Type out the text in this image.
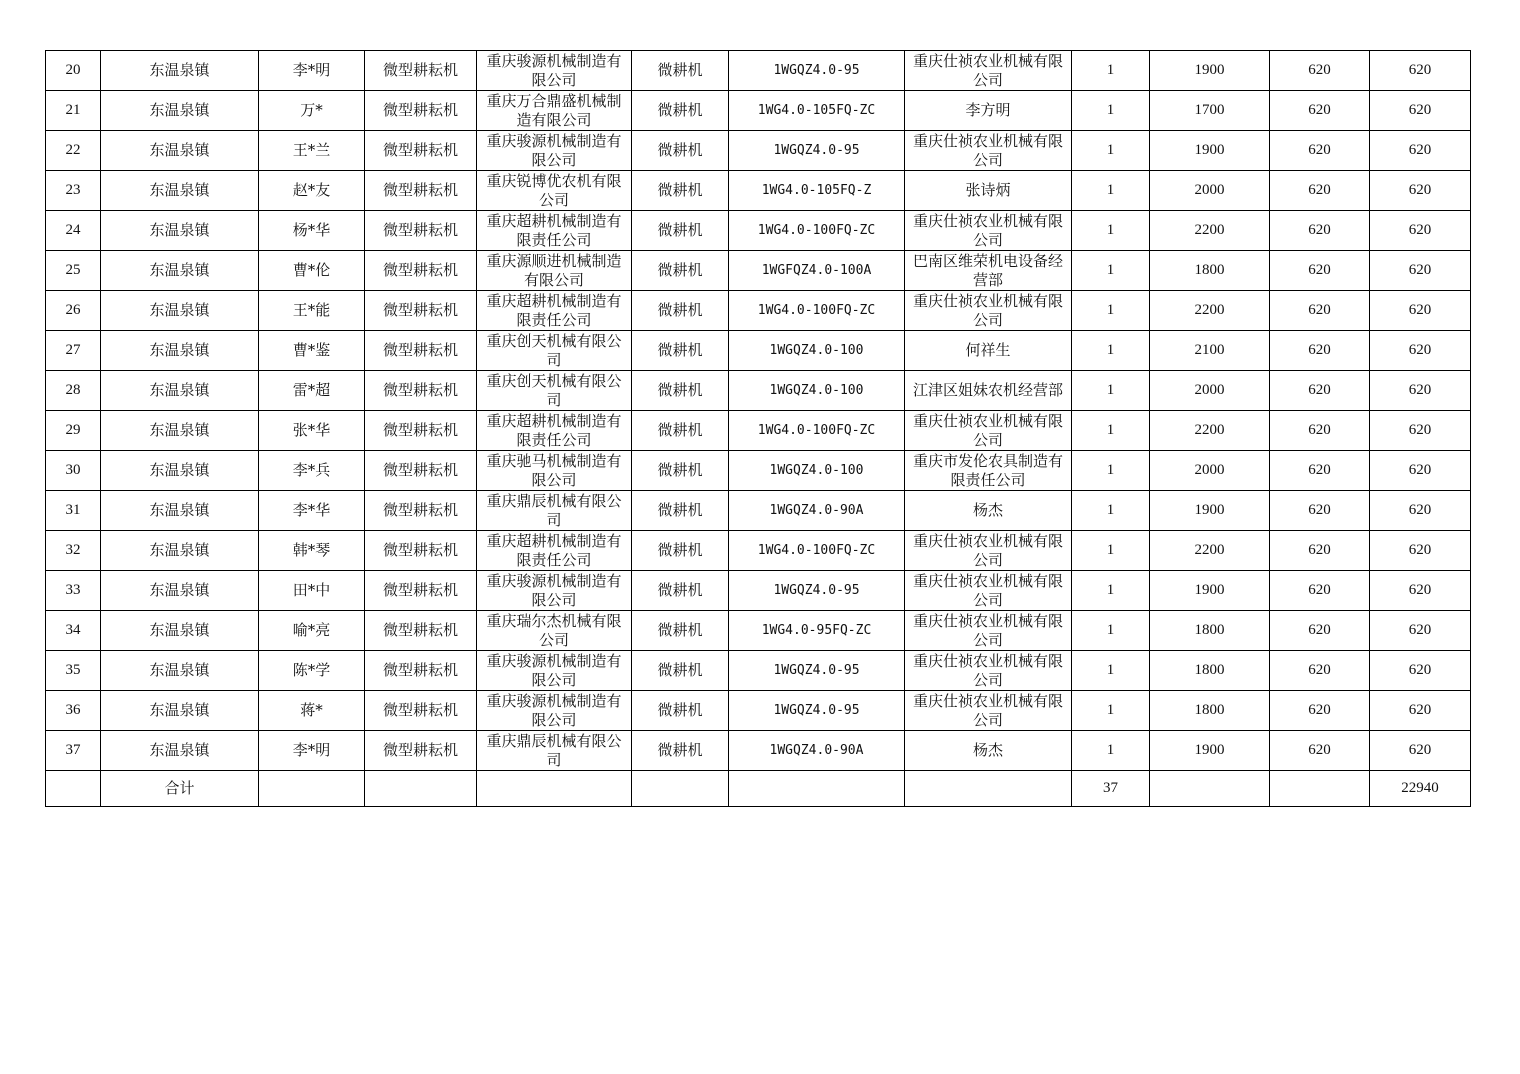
20	东温泉镇	李*明	微型耕耘机	重庆骏源机械制造有限公司	微耕机	1WGQZ4.0-95	重庆仕祯农业机械有限公司	1	1900	620	620
21	东温泉镇	万*	微型耕耘机	重庆万合鼎盛机械制造有限公司	微耕机	1WG4.0-105FQ-ZC	李方明	1	1700	620	620
22	东温泉镇	王*兰	微型耕耘机	重庆骏源机械制造有限公司	微耕机	1WGQZ4.0-95	重庆仕祯农业机械有限公司	1	1900	620	620
23	东温泉镇	赵*友	微型耕耘机	重庆锐博优农机有限公司	微耕机	1WG4.0-105FQ-Z	张诗炳	1	2000	620	620
24	东温泉镇	杨*华	微型耕耘机	重庆超耕机械制造有限责任公司	微耕机	1WG4.0-100FQ-ZC	重庆仕祯农业机械有限公司	1	2200	620	620
25	东温泉镇	曹*伦	微型耕耘机	重庆源顺进机械制造有限公司	微耕机	1WGFQZ4.0-100A	巴南区维荣机电设备经营部	1	1800	620	620
26	东温泉镇	王*能	微型耕耘机	重庆超耕机械制造有限责任公司	微耕机	1WG4.0-100FQ-ZC	重庆仕祯农业机械有限公司	1	2200	620	620
27	东温泉镇	曹*鉴	微型耕耘机	重庆创天机械有限公司	微耕机	1WGQZ4.0-100	何祥生	1	2100	620	620
28	东温泉镇	雷*超	微型耕耘机	重庆创天机械有限公司	微耕机	1WGQZ4.0-100	江津区姐妹农机经营部	1	2000	620	620
29	东温泉镇	张*华	微型耕耘机	重庆超耕机械制造有限责任公司	微耕机	1WG4.0-100FQ-ZC	重庆仕祯农业机械有限公司	1	2200	620	620
30	东温泉镇	李*兵	微型耕耘机	重庆驰马机械制造有限公司	微耕机	1WGQZ4.0-100	重庆市发伦农具制造有限责任公司	1	2000	620	620
31	东温泉镇	李*华	微型耕耘机	重庆鼎辰机械有限公司	微耕机	1WGQZ4.0-90A	杨杰	1	1900	620	620
32	东温泉镇	韩*琴	微型耕耘机	重庆超耕机械制造有限责任公司	微耕机	1WG4.0-100FQ-ZC	重庆仕祯农业机械有限公司	1	2200	620	620
33	东温泉镇	田*中	微型耕耘机	重庆骏源机械制造有限公司	微耕机	1WGQZ4.0-95	重庆仕祯农业机械有限公司	1	1900	620	620
34	东温泉镇	喻*亮	微型耕耘机	重庆瑞尔杰机械有限公司	微耕机	1WG4.0-95FQ-ZC	重庆仕祯农业机械有限公司	1	1800	620	620
35	东温泉镇	陈*学	微型耕耘机	重庆骏源机械制造有限公司	微耕机	1WGQZ4.0-95	重庆仕祯农业机械有限公司	1	1800	620	620
36	东温泉镇	蒋*	微型耕耘机	重庆骏源机械制造有限公司	微耕机	1WGQZ4.0-95	重庆仕祯农业机械有限公司	1	1800	620	620
37	东温泉镇	李*明	微型耕耘机	重庆鼎辰机械有限公司	微耕机	1WGQZ4.0-90A	杨杰	1	1900	620	620
	合计							37			22940
